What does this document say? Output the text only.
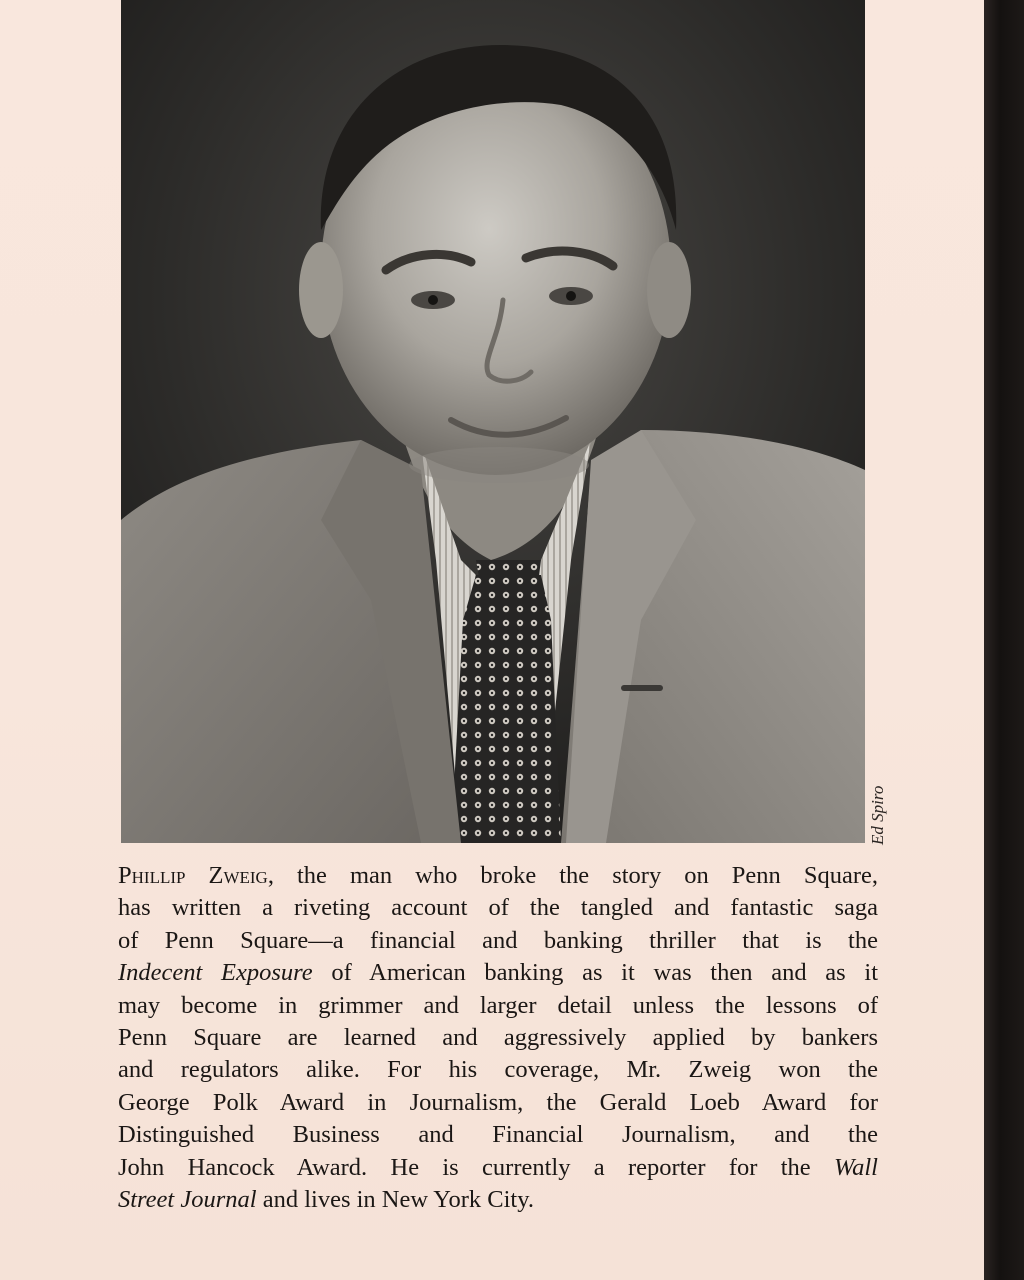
Ed Spiro

Phillip Zweig, the man who broke the story on Penn Square,

has written a riveting account of the tangled and fantastic saga

of Penn Square—a financial and banking thriller that is the

Indecent Exposure of American banking as it was then and as it

may become in grimmer and larger detail unless the lessons of

Penn Square are learned and aggressively applied by bankers

and regulators alike. For his coverage, Mr. Zweig won the

George Polk Award in Journalism, the Gerald Loeb Award for

Distinguished Business and Financial Journalism, and the

John Hancock Award. He is currently a reporter for the Wall

Street Journal and lives in New York City.
